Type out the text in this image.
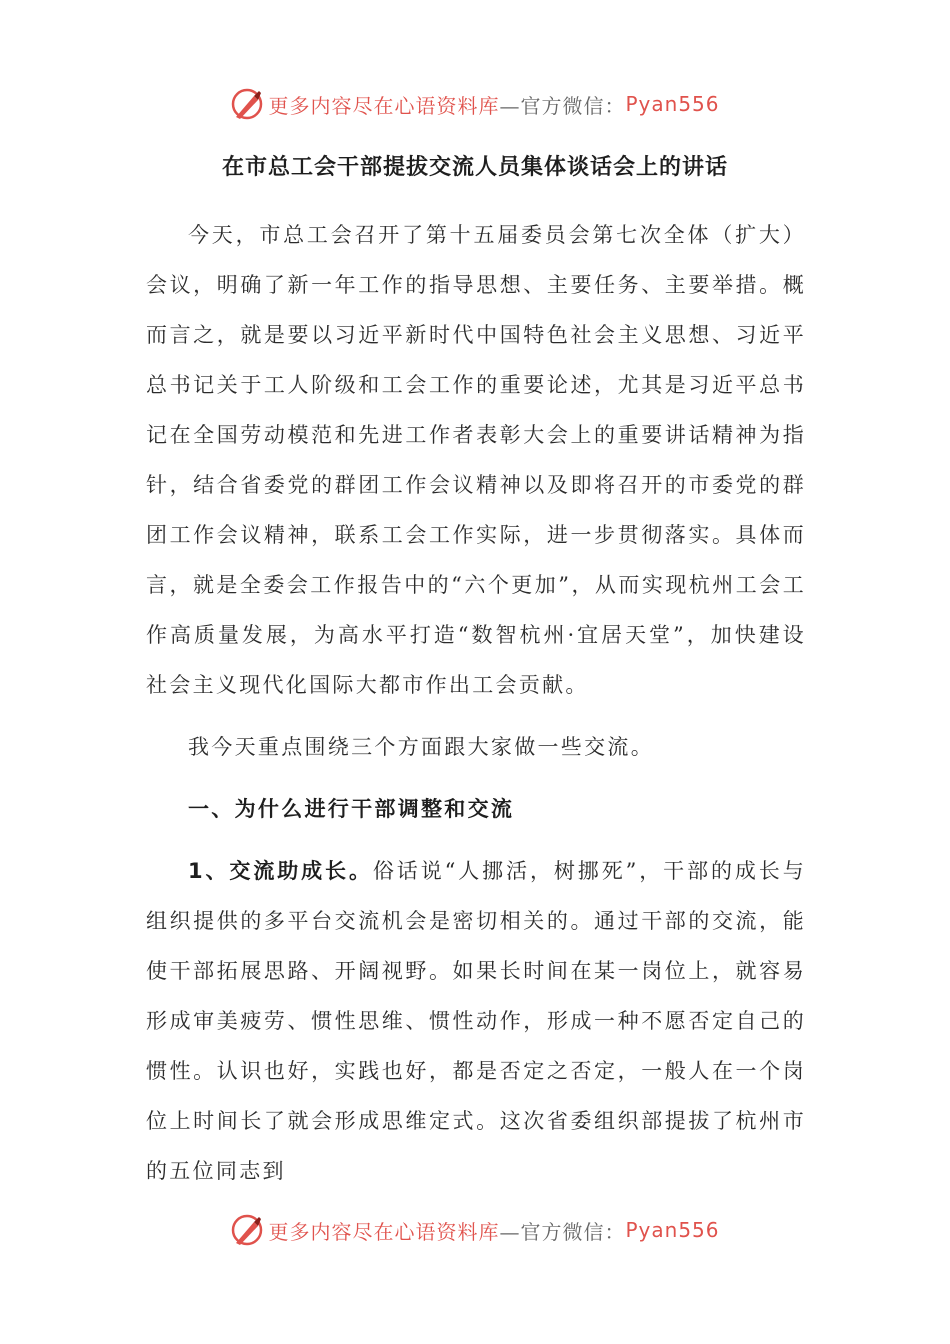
更多内容尽在心语资料库 —官方微信： Pyan556
在市总工会干部提拔交流人员集体谈话会上的讲话

今天，市总工会召开了第十五届委员会第七次全体（扩大）会议，明确了新一年工作的指导思想、主要任务、主要举措。概而言之，就是要以习近平新时代中国特色社会主义思想、习近平总书记关于工人阶级和工会工作的重要论述，尤其是习近平总书记在全国劳动模范和先进工作者表彰大会上的重要讲话精神为指针，结合省委党的群团工作会议精神以及即将召开的市委党的群团工作会议精神，联系工会工作实际，进一步贯彻落实。具体而言，就是全委会工作报告中的“六个更加”，从而实现杭州工会工作高质量发展，为高水平打造“数智杭州·宜居天堂”，加快建设社会主义现代化国际大都市作出工会贡献。

我今天重点围绕三个方面跟大家做一些交流。

一、为什么进行干部调整和交流

1、交流助成长。俗话说“人挪活，树挪死”，干部的成长与组织提供的多平台交流机会是密切相关的。通过干部的交流，能使干部拓展思路、开阔视野。如果长时间在某一岗位上，就容易形成审美疲劳、惯性思维、惯性动作，形成一种不愿否定自己的惯性。认识也好，实践也好，都是否定之否定，一般人在一个岗位上时间长了就会形成思维定式。这次省委组织部提拔了杭州市的五位同志到

更多内容尽在心语资料库 —官方微信： Pyan556
